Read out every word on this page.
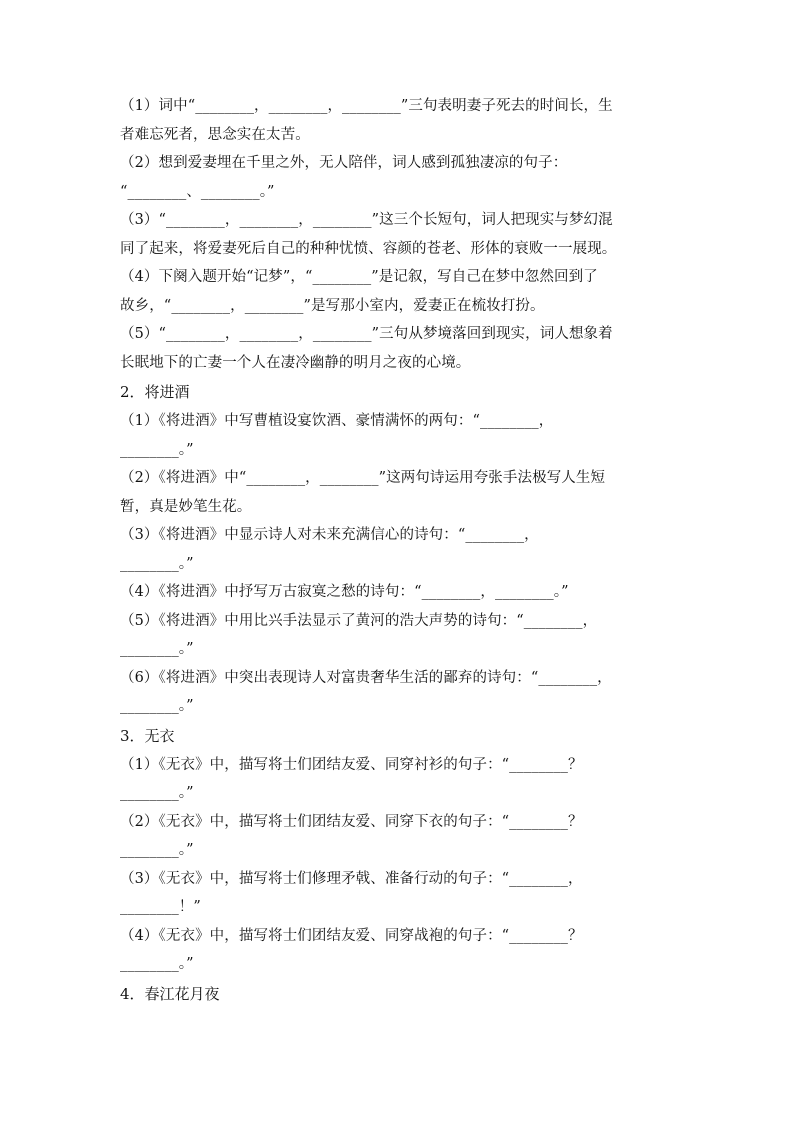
（1）词中“________，________，________”三句表明妻子死去的时间长，生
者难忘死者，思念实在太苦。
（2）想到爱妻埋在千里之外，无人陪伴，词人感到孤独凄凉的句子：
“________、________。”
（3）“________，________，________”这三个长短句，词人把现实与梦幻混
同了起来，将爱妻死后自己的种种忧愤、容颜的苍老、形体的衰败一一展现。
（4）下阕入题开始“记梦”，“________”是记叙，写自己在梦中忽然回到了
故乡，“________，________”是写那小室内，爱妻正在梳妆打扮。
（5）“________，________，________”三句从梦境落回到现实，词人想象着
长眠地下的亡妻一个人在凄冷幽静的明月之夜的心境。
2．将进酒
（1）《将进酒》中写曹植设宴饮酒、豪情满怀的两句：“________，
________。”
（2）《将进酒》中“________，________”这两句诗运用夸张手法极写人生短
暂，真是妙笔生花。
（3）《将进酒》中显示诗人对未来充满信心的诗句：“________，
________。”
（4）《将进酒》中抒写万古寂寞之愁的诗句：“________，________。”
（5）《将进酒》中用比兴手法显示了黄河的浩大声势的诗句：“________，
________。”
（6）《将进酒》中突出表现诗人对富贵奢华生活的鄙弃的诗句：“________，
________。”
3．无衣
（1）《无衣》中，描写将士们团结友爱、同穿衬衫的句子：“________？
________。”
（2）《无衣》中，描写将士们团结友爱、同穿下衣的句子：“________？
________。”
（3）《无衣》中，描写将士们修理矛戟、准备行动的句子：“________，
________！”
（4）《无衣》中，描写将士们团结友爱、同穿战袍的句子：“________？
________。”
4．春江花月夜
